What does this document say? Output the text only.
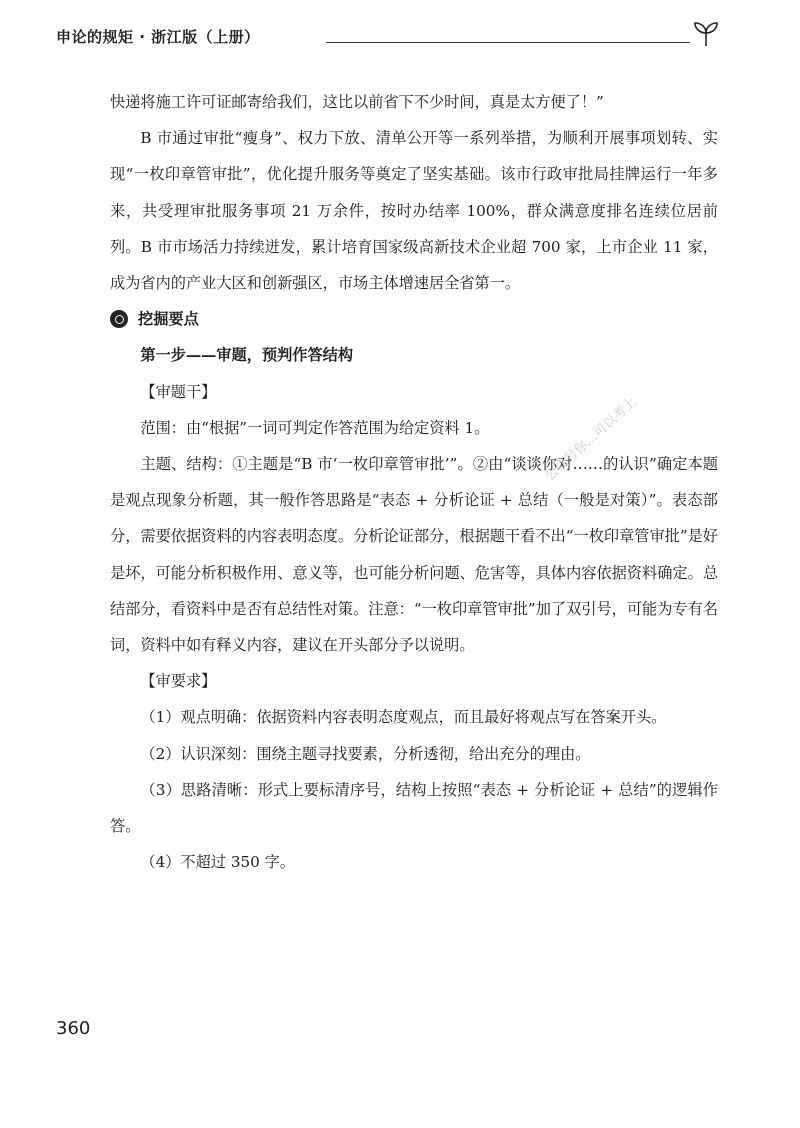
申论的规矩 · 浙江版（上册）

快递将施工许可证邮寄给我们，这比以前省下不少时间，真是太方便了！”

B 市通过审批“瘦身”、权力下放、清单公开等一系列举措，为顺利开展事项划转、实现“一枚印章管审批”，优化提升服务等奠定了坚实基础。该市行政审批局挂牌运行一年多来，共受理审批服务事项 21 万余件，按时办结率 100%，群众满意度排名连续位居前列。B 市市场活力持续迸发，累计培育国家级高新技术企业超 700 家，上市企业 11 家，成为省内的产业大区和创新强区，市场主体增速居全省第一。

挖掘要点

第一步——审题，预判作答结构

【审题干】

范围：由“根据”一词可判定作答范围为给定资料 1。

主题、结构：①主题是“B 市‘一枚印章管审批’”。②由“谈谈你对……的认识”确定本题是观点现象分析题，其一般作答思路是“表态 + 分析论证 + 总结（一般是对策）”。表态部分，需要依据资料的内容表明态度。分析论证部分，根据题干看不出“一枚印章管审批”是好是坏，可能分析积极作用、意义等，也可能分析问题、危害等，具体内容依据资料确定。总结部分，看资料中是否有总结性对策。注意：“一枚印章管审批”加了双引号，可能为专有名词，资料中如有释义内容，建议在开头部分予以说明。

【审要求】

（1）观点明确：依据资料内容表明态度观点，而且最好将观点写在答案开头。

（2）认识深刻：围绕主题寻找要素，分析透彻，给出充分的理由。

（3）思路清晰：形式上要标清序号，结构上按照“表态 + 分析论证 + 总结”的逻辑作答。

（4）不超过 350 字。

公众号你…可以考上
360
